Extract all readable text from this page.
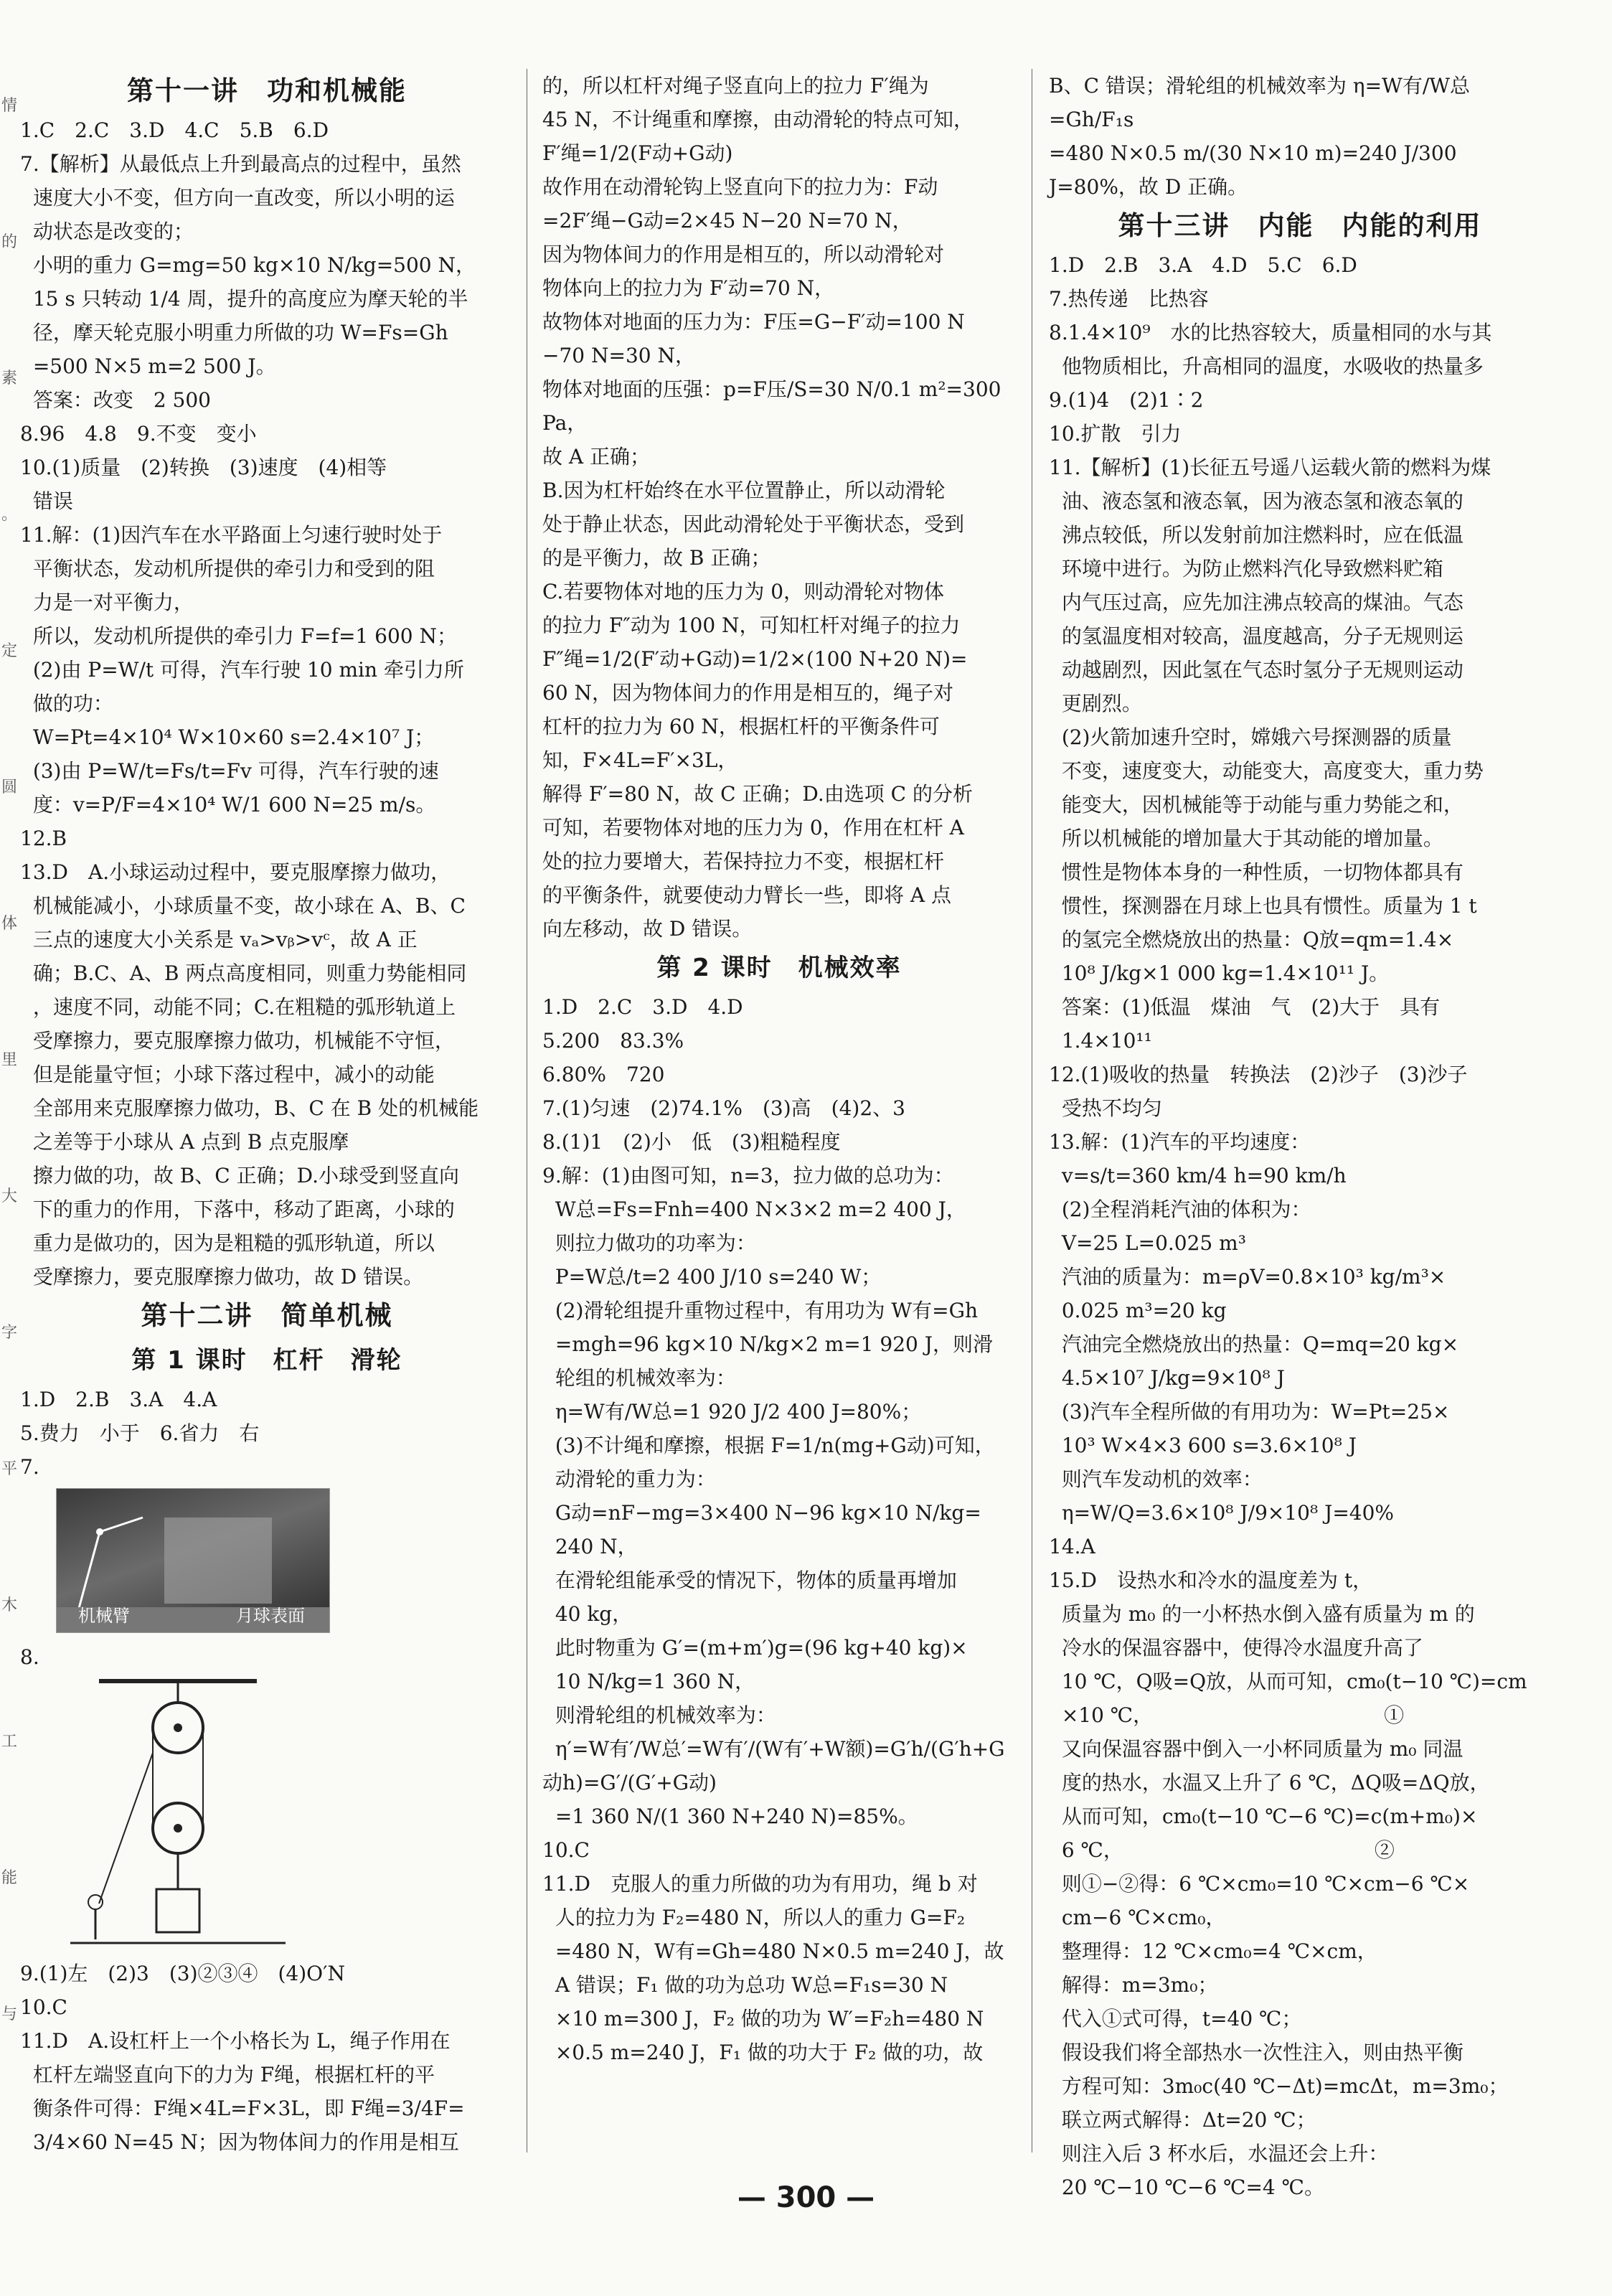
情
的
素
。
定
圆
体
里
大
字
平
木
工
能
与
第十一讲　功和机械能
1.C　2.C　3.D　4.C　5.B　6.D
7.【解析】从最低点上升到最高点的过程中，虽然
速度大小不变，但方向一直改变，所以小明的运
动状态是改变的；
小明的重力 G=mg=50 kg×10 N/kg=500 N，
15 s 只转动 1/4 周，提升的高度应为摩天轮的半
径，摩天轮克服小明重力所做的功 W=Fs=Gh
=500 N×5 m=2 500 J。
答案：改变　2 500
8.96　4.8　9.不变　变小
10.(1)质量　(2)转换　(3)速度　(4)相等
错误
11.解：(1)因汽车在水平路面上匀速行驶时处于
平衡状态，发动机所提供的牵引力和受到的阻
力是一对平衡力，
所以，发动机所提供的牵引力 F=f=1 600 N；
(2)由 P=W/t 可得，汽车行驶 10 min 牵引力所
做的功：
W=Pt=4×10⁴ W×10×60 s=2.4×10⁷ J；
(3)由 P=W/t=Fs/t=Fv 可得，汽车行驶的速
度：v=P/F=4×10⁴ W/1 600 N=25 m/s。
12.B
13.D　A.小球运动过程中，要克服摩擦力做功，
机械能减小，小球质量不变，故小球在 A、B、C
三点的速度大小关系是 vₐ>vᵦ>vᶜ，故 A 正
确；B.C、A、B 两点高度相同，则重力势能相同
，速度不同，动能不同；C.在粗糙的弧形轨道上
受摩擦力，要克服摩擦力做功，机械能不守恒，
但是能量守恒；小球下落过程中，减小的动能
全部用来克服摩擦力做功，B、C 在 B 处的机械能
之差等于小球从 A 点到 B 点克服摩
擦力做的功，故 B、C 正确；D.小球受到竖直向
下的重力的作用，下落中，移动了距离，小球的
重力是做功的，因为是粗糙的弧形轨道，所以
受摩擦力，要克服摩擦力做功，故 D 错误。
第十二讲　简单机械
第 1 课时　杠杆　滑轮
1.D　2.B　3.A　4.A
5.费力　小于　6.省力　右
7.
机械臂	月球表面
8.
9.(1)左　(2)3　(3)②③④　(4)O′N
10.C
11.D　A.设杠杆上一个小格长为 L，绳子作用在
杠杆左端竖直向下的力为 F绳，根据杠杆的平
衡条件可得：F绳×4L=F×3L，即 F绳=3/4F=
3/4×60 N=45 N；因为物体间力的作用是相互
的，所以杠杆对绳子竖直向上的拉力 F′绳为
45 N，不计绳重和摩擦，由动滑轮的特点可知，
F′绳=1/2(F动+G动)
故作用在动滑轮钩上竖直向下的拉力为：F动
=2F′绳−G动=2×45 N−20 N=70 N，
因为物体间力的作用是相互的，所以动滑轮对
物体向上的拉力为 F′动=70 N，
故物体对地面的压力为：F压=G−F′动=100 N
−70 N=30 N，
物体对地面的压强：p=F压/S=30 N/0.1 m²=300 Pa，
故 A 正确；
B.因为杠杆始终在水平位置静止，所以动滑轮
处于静止状态，因此动滑轮处于平衡状态，受到
的是平衡力，故 B 正确；
C.若要物体对地的压力为 0，则动滑轮对物体
的拉力 F″动为 100 N，可知杠杆对绳子的拉力
F″绳=1/2(F′动+G动)=1/2×(100 N+20 N)=
60 N，因为物体间力的作用是相互的，绳子对
杠杆的拉力为 60 N，根据杠杆的平衡条件可
知，F×4L=F′×3L，
解得 F′=80 N，故 C 正确；D.由选项 C 的分析
可知，若要物体对地的压力为 0，作用在杠杆 A
处的拉力要增大，若保持拉力不变，根据杠杆
的平衡条件，就要使动力臂长一些，即将 A 点
向左移动，故 D 错误。
第 2 课时　机械效率
1.D　2.C　3.D　4.D
5.200　83.3%
6.80%　720
7.(1)匀速　(2)74.1%　(3)高　(4)2、3
8.(1)1　(2)小　低　(3)粗糙程度
9.解：(1)由图可知，n=3，拉力做的总功为：
W总=Fs=Fnh=400 N×3×2 m=2 400 J，
则拉力做功的功率为：
P=W总/t=2 400 J/10 s=240 W；
(2)滑轮组提升重物过程中，有用功为 W有=Gh
=mgh=96 kg×10 N/kg×2 m=1 920 J，则滑
轮组的机械效率为：
η=W有/W总=1 920 J/2 400 J=80%；
(3)不计绳和摩擦，根据 F=1/n(mg+G动)可知，
动滑轮的重力为：
G动=nF−mg=3×400 N−96 kg×10 N/kg=
240 N，
在滑轮组能承受的情况下，物体的质量再增加
40 kg，
此时物重为 G′=(m+m′)g=(96 kg+40 kg)×
10 N/kg=1 360 N，
则滑轮组的机械效率为：
η′=W有′/W总′=W有′/(W有′+W额)=G′h/(G′h+G动h)=G′/(G′+G动)
=1 360 N/(1 360 N+240 N)=85%。
10.C
11.D　克服人的重力所做的功为有用功，绳 b 对
人的拉力为 F₂=480 N，所以人的重力 G=F₂
=480 N，W有=Gh=480 N×0.5 m=240 J，故
A 错误；F₁ 做的功为总功 W总=F₁s=30 N
×10 m=300 J，F₂ 做的功为 W′=F₂h=480 N
×0.5 m=240 J，F₁ 做的功大于 F₂ 做的功，故
B、C 错误；滑轮组的机械效率为 η=W有/W总=Gh/F₁s
=480 N×0.5 m/(30 N×10 m)=240 J/300 J=80%，故 D 正确。
第十三讲　内能　内能的利用
1.D　2.B　3.A　4.D　5.C　6.D
7.热传递　比热容
8.1.4×10⁹　水的比热容较大，质量相同的水与其
他物质相比，升高相同的温度，水吸收的热量多
9.(1)4　(2)1∶2
10.扩散　引力
11.【解析】(1)长征五号遥八运载火箭的燃料为煤
油、液态氢和液态氧，因为液态氢和液态氧的
沸点较低，所以发射前加注燃料时，应在低温
环境中进行。为防止燃料汽化导致燃料贮箱
内气压过高，应先加注沸点较高的煤油。气态
的氢温度相对较高，温度越高，分子无规则运
动越剧烈，因此氢在气态时氢分子无规则运动
更剧烈。
(2)火箭加速升空时，嫦娥六号探测器的质量
不变，速度变大，动能变大，高度变大，重力势
能变大，因机械能等于动能与重力势能之和，
所以机械能的增加量大于其动能的增加量。
惯性是物体本身的一种性质，一切物体都具有
惯性，探测器在月球上也具有惯性。质量为 1 t
的氢完全燃烧放出的热量：Q放=qm=1.4×
10⁸ J/kg×1 000 kg=1.4×10¹¹ J。
答案：(1)低温　煤油　气　(2)大于　具有
1.4×10¹¹
12.(1)吸收的热量　转换法　(2)沙子　(3)沙子
受热不均匀
13.解：(1)汽车的平均速度：
v=s/t=360 km/4 h=90 km/h
(2)全程消耗汽油的体积为：
V=25 L=0.025 m³
汽油的质量为：m=ρV=0.8×10³ kg/m³×
0.025 m³=20 kg
汽油完全燃烧放出的热量：Q=mq=20 kg×
4.5×10⁷ J/kg=9×10⁸ J
(3)汽车全程所做的有用功为：W=Pt=25×
10³ W×4×3 600 s=3.6×10⁸ J
则汽车发动机的效率：
η=W/Q=3.6×10⁸ J/9×10⁸ J=40%
14.A
15.D　设热水和冷水的温度差为 t，
质量为 m₀ 的一小杯热水倒入盛有质量为 m 的
冷水的保温容器中，使得冷水温度升高了
10 ℃，Q吸=Q放，从而可知，cm₀(t−10 ℃)=cm
×10 ℃，　　　　　　　　　　　　①
又向保温容器中倒入一小杯同质量为 m₀ 同温
度的热水，水温又上升了 6 ℃，ΔQ吸=ΔQ放，
从而可知，cm₀(t−10 ℃−6 ℃)=c(m+m₀)×
6 ℃，　　　　　　　　　　　　　②
则①−②得：6 ℃×cm₀=10 ℃×cm−6 ℃×
cm−6 ℃×cm₀，
整理得：12 ℃×cm₀=4 ℃×cm，
解得：m=3m₀；
代入①式可得，t=40 ℃；
假设我们将全部热水一次性注入，则由热平衡
方程可知：3m₀c(40 ℃−Δt)=mcΔt，m=3m₀；
联立两式解得：Δt=20 ℃；
则注入后 3 杯水后，水温还会上升：
20 ℃−10 ℃−6 ℃=4 ℃。
— 300 —
